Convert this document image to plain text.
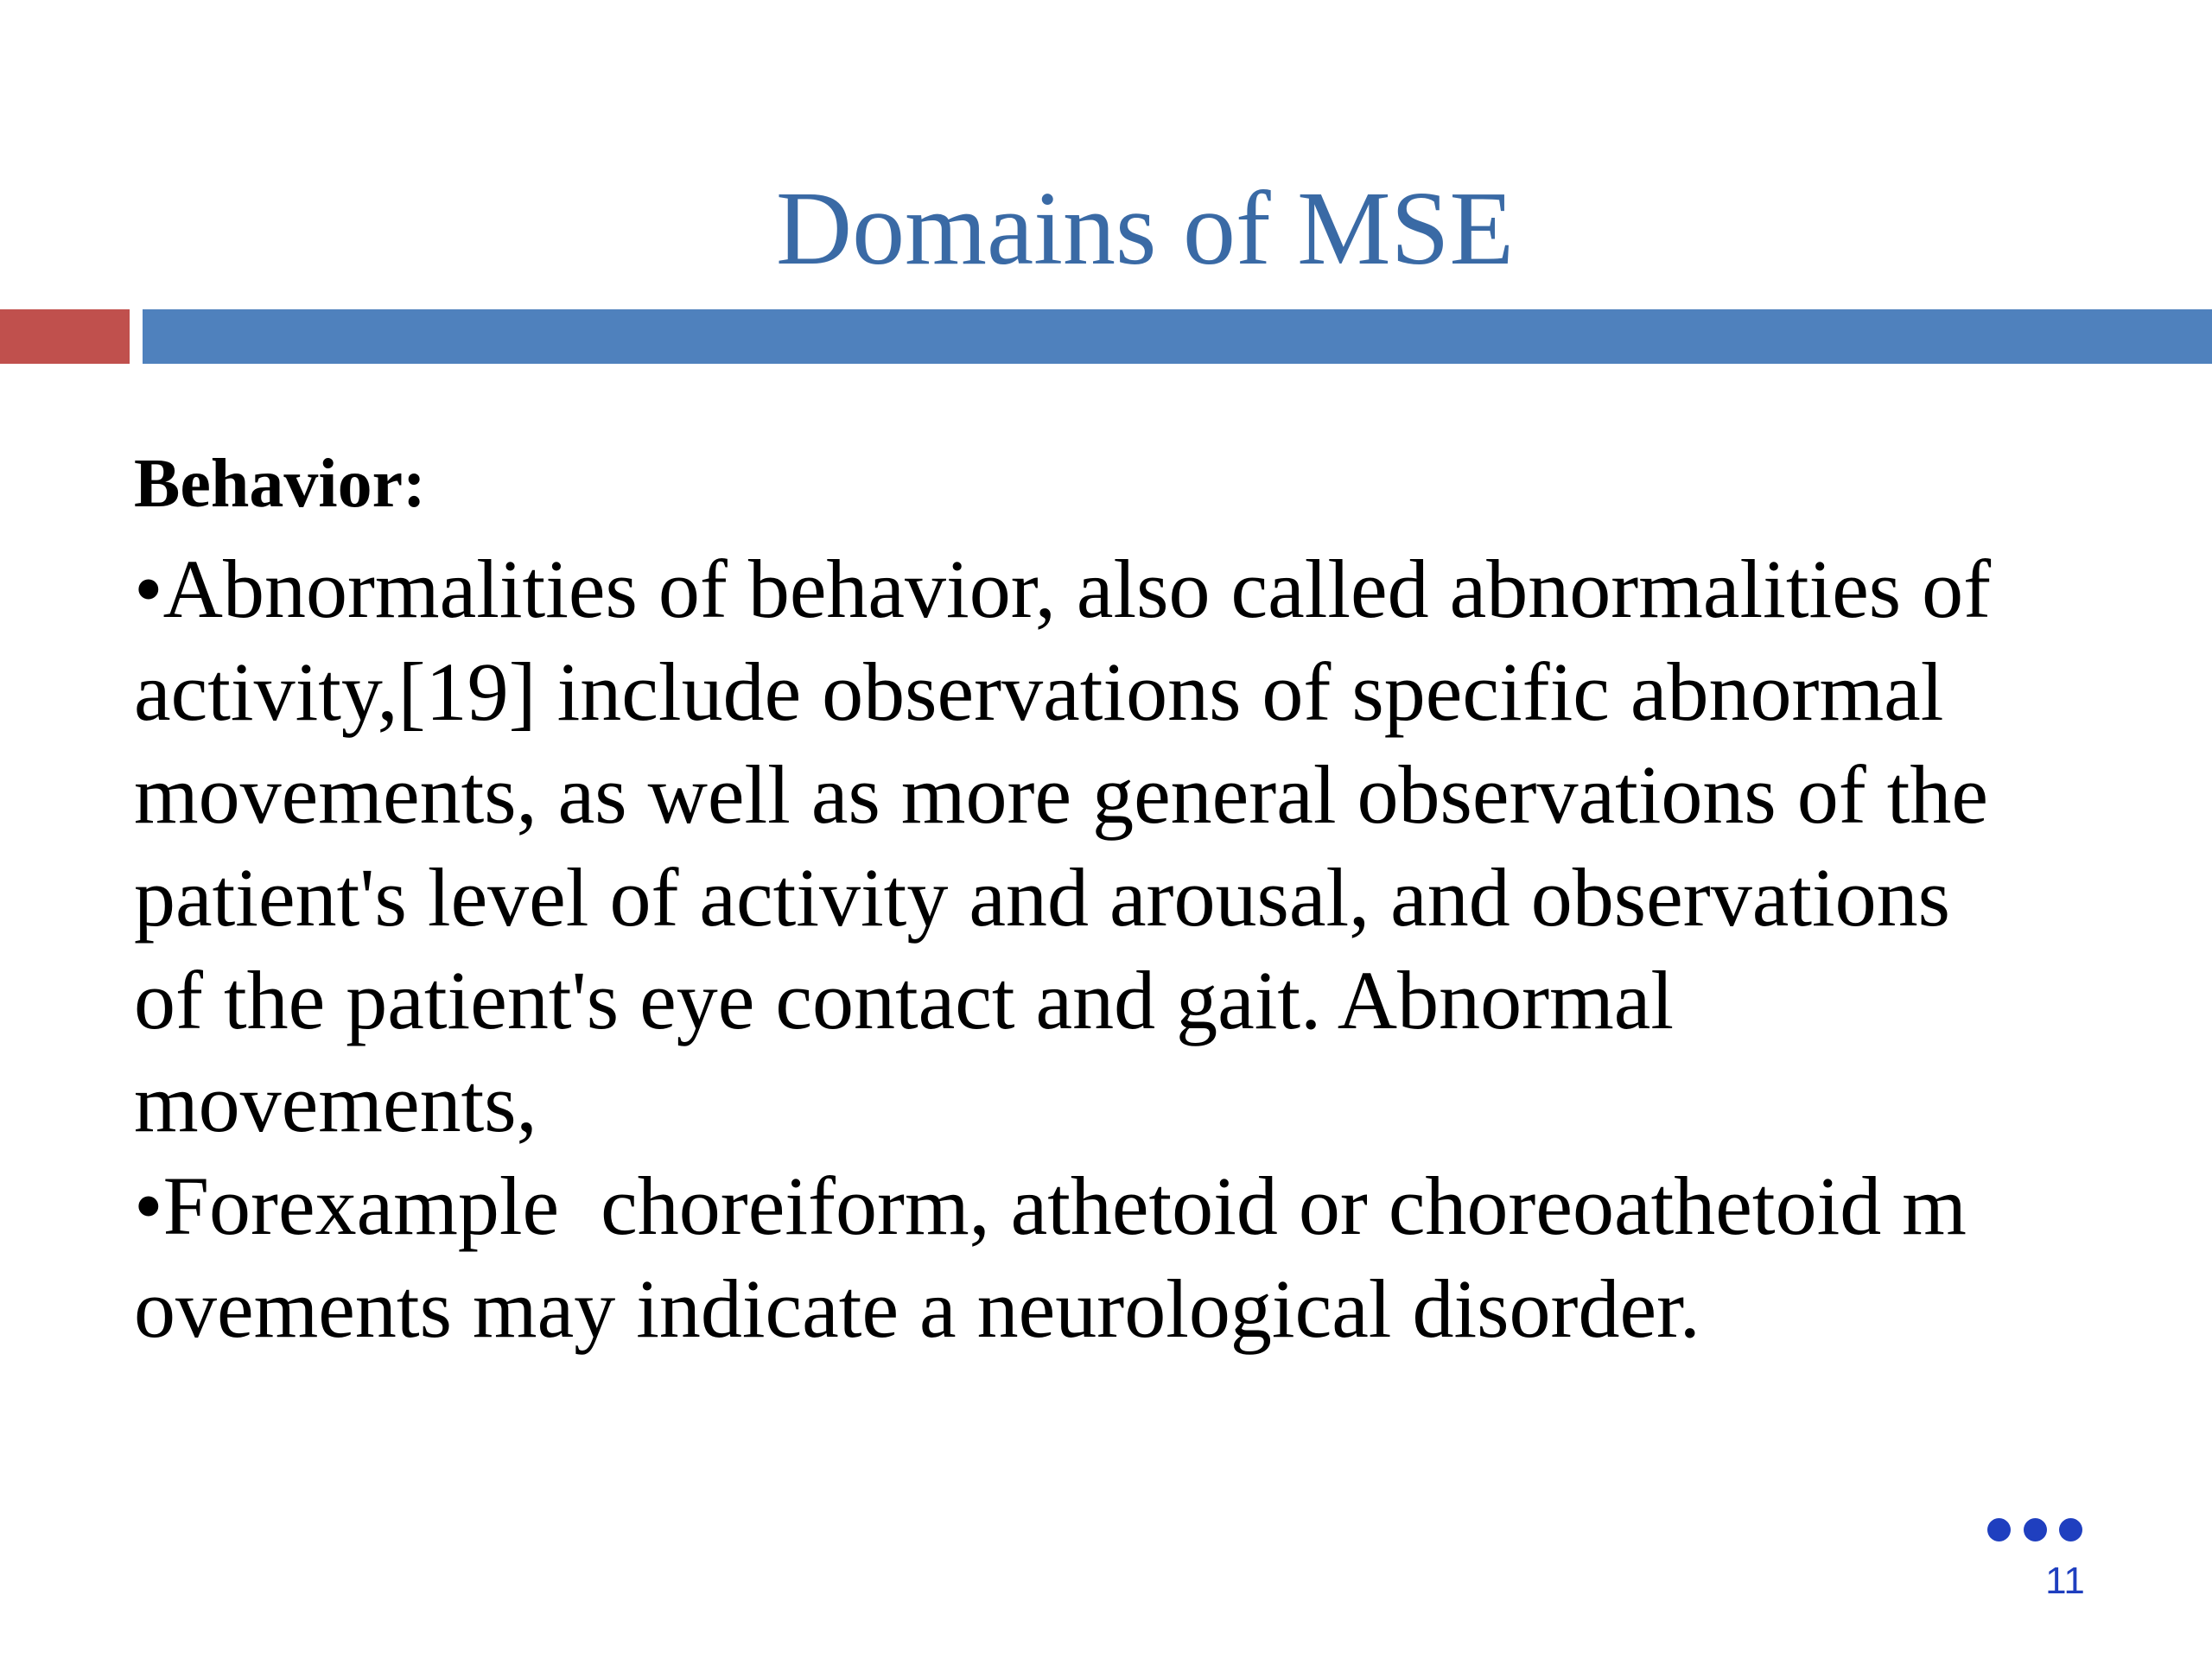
Domains of MSE
Behavior:

•Abnormalities of behavior, also called abnormalities of
activity,[19] include observations of specific abnormal
movements, as well as more general observations of the
patient's level of activity and arousal, and observations
of the patient's eye contact and gait. Abnormal
movements,

•Forexample  choreiform, athetoid or choreoathetoid m
ovements may indicate a neurological disorder.

11
